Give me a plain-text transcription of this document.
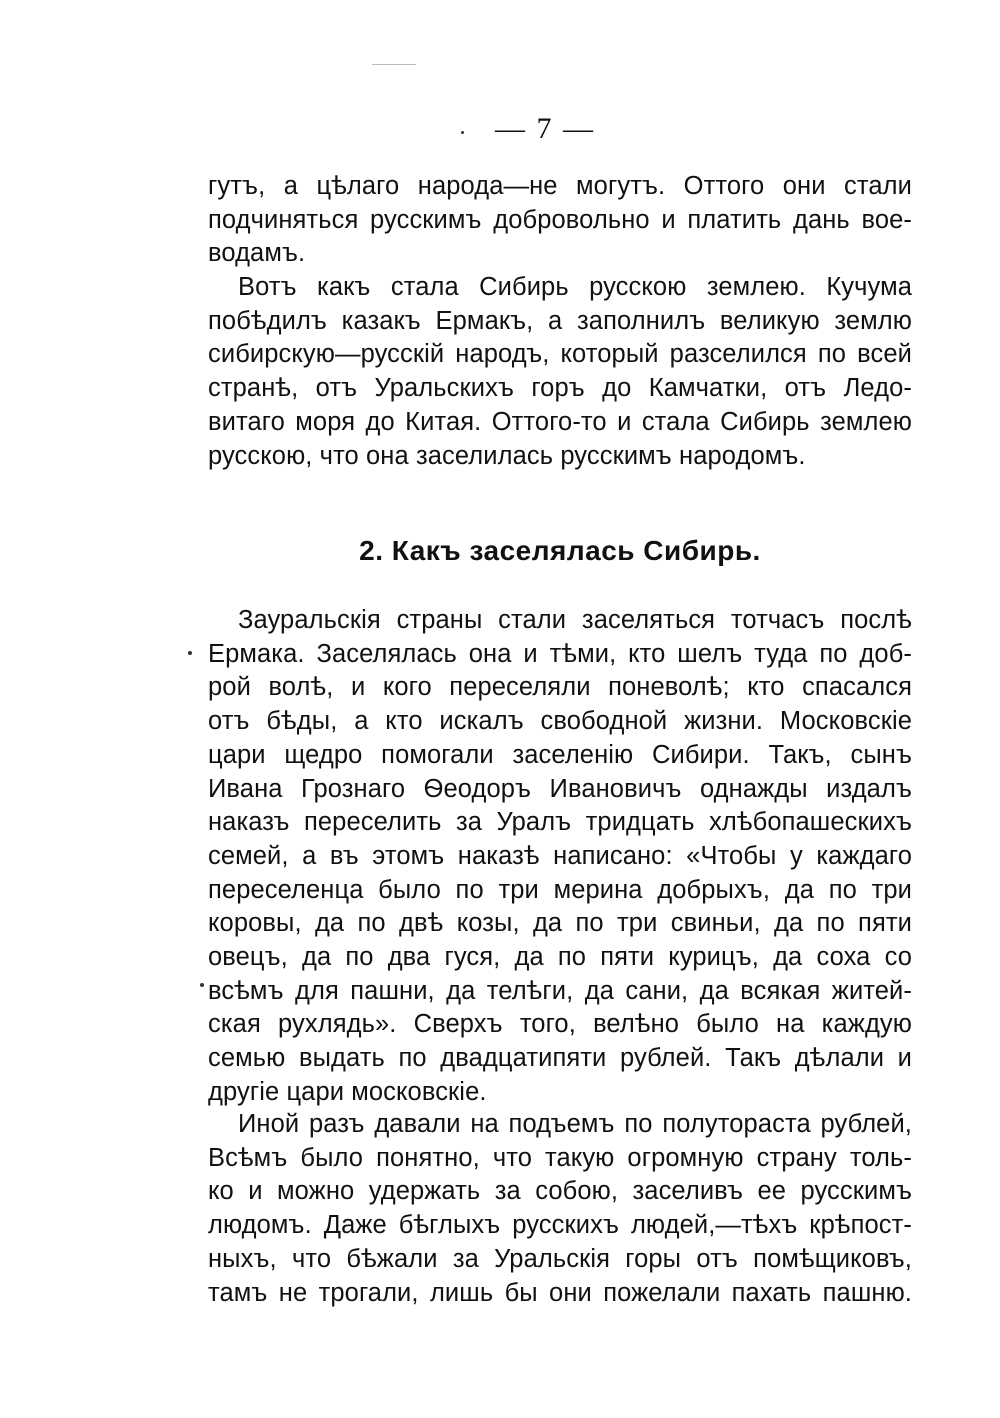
— 7 —
гутъ, а цѣлаго народа—не могутъ. Оттого они стали
подчиняться русскимъ добровольно и платить дань вое-
водамъ.
Вотъ какъ стала Сибирь русскою землею. Кучума
побѣдилъ казакъ Ермакъ, а заполнилъ великую землю
сибирскую—русскій народъ, который разселился по всей
странѣ, отъ Уральскихъ горъ до Камчатки, отъ Ледо-
витаго моря до Китая. Оттого-то и стала Сибирь землею
русскою, что она заселилась русскимъ народомъ.
2. Какъ заселялась Сибирь.
Зауральскія страны стали заселяться тотчасъ послѣ
Ермака. Заселялась она и тѣми, кто шелъ туда по доб-
рой волѣ, и кого переселяли поневолѣ; кто спасался
отъ бѣды, а кто искалъ свободной жизни. Московскіе
цари щедро помогали заселенію Сибири. Такъ, сынъ
Ивана Грознаго Ѳеодоръ Ивановичъ однажды издалъ
наказъ переселить за Уралъ тридцать хлѣбопашескихъ
семей, а въ этомъ наказѣ написано: «Чтобы у каждаго
переселенца было по три мерина добрыхъ, да по три
коровы, да по двѣ козы, да по три свиньи, да по пяти
овецъ, да по два гуся, да по пяти курицъ, да соха со
всѣмъ для пашни, да телѣги, да сани, да всякая житей-
ская рухлядь». Сверхъ того, велѣно было на каждую
семью выдать по двадцатипяти рублей. Такъ дѣлали и
другіе цари московскіе.
Иной разъ давали на подъемъ по полутораста рублей,
Всѣмъ было понятно, что такую огромную страну толь-
ко и можно удержать за собою, заселивъ ее русскимъ
людомъ. Даже бѣглыхъ русскихъ людей,—тѣхъ крѣпост-
ныхъ, что бѣжали за Уральскія горы отъ помѣщиковъ,
тамъ не трогали, лишь бы они пожелали пахать пашню.
